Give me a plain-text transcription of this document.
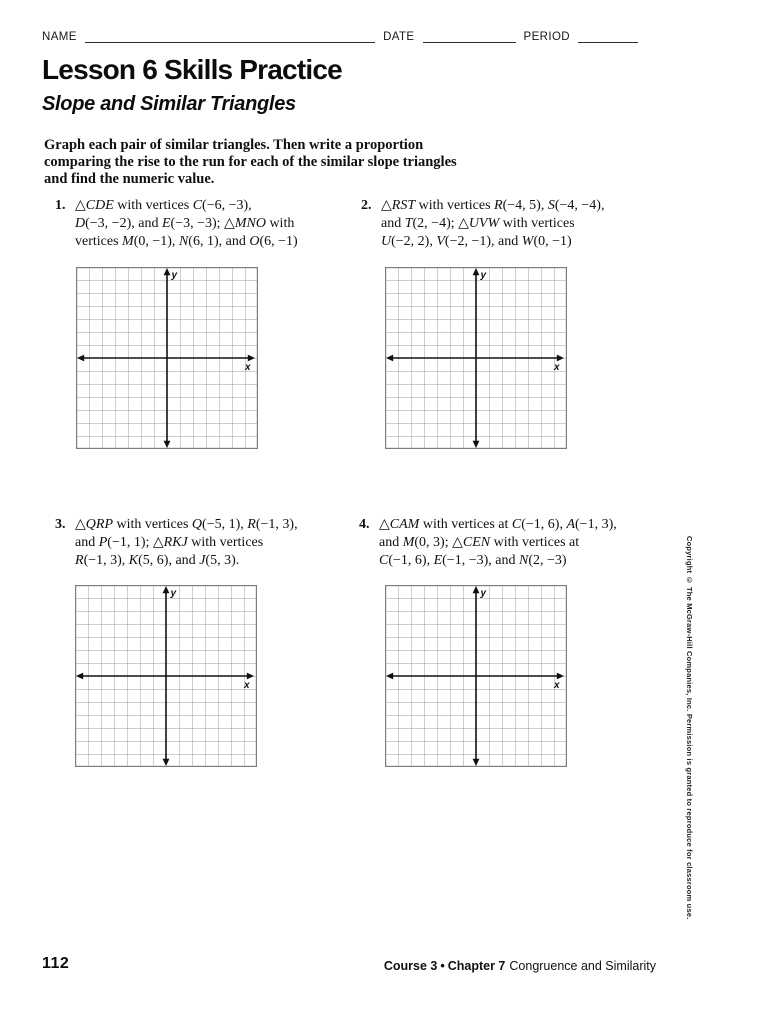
NAME	DATE	PERIOD
Lesson 6 Skills Practice
Slope and Similar Triangles
Graph each pair of similar triangles. Then write a proportion
comparing the rise to the run for each of the similar slope triangles
and find the numeric value.
1. △CDE with vertices C(−6, −3),
D(−3, −2), and E(−3, −3); △MNO with
vertices M(0, −1), N(6, 1), and O(6, −1)
2. △RST with vertices R(−4, 5), S(−4, −4),
and T(2, −4); △UVW with vertices
U(−2, 2), V(−2, −1), and W(0, −1)
3. △QRP with vertices Q(−5, 1), R(−1, 3),
and P(−1, 1); △RKJ with vertices
R(−1, 3), K(5, 6), and J(5, 3).
4. △CAM with vertices at C(−1, 6), A(−1, 3),
and M(0, 3); △CEN with vertices at
C(−1, 6), E(−1, −3), and N(2, −3)
y
x
y
x
y
x
y
x	Copyright © The McGraw-Hill Companies, Inc. Permission is granted to reproduce for classroom use.
112	Course 3 • Chapter 7 Congruence and Similarity
